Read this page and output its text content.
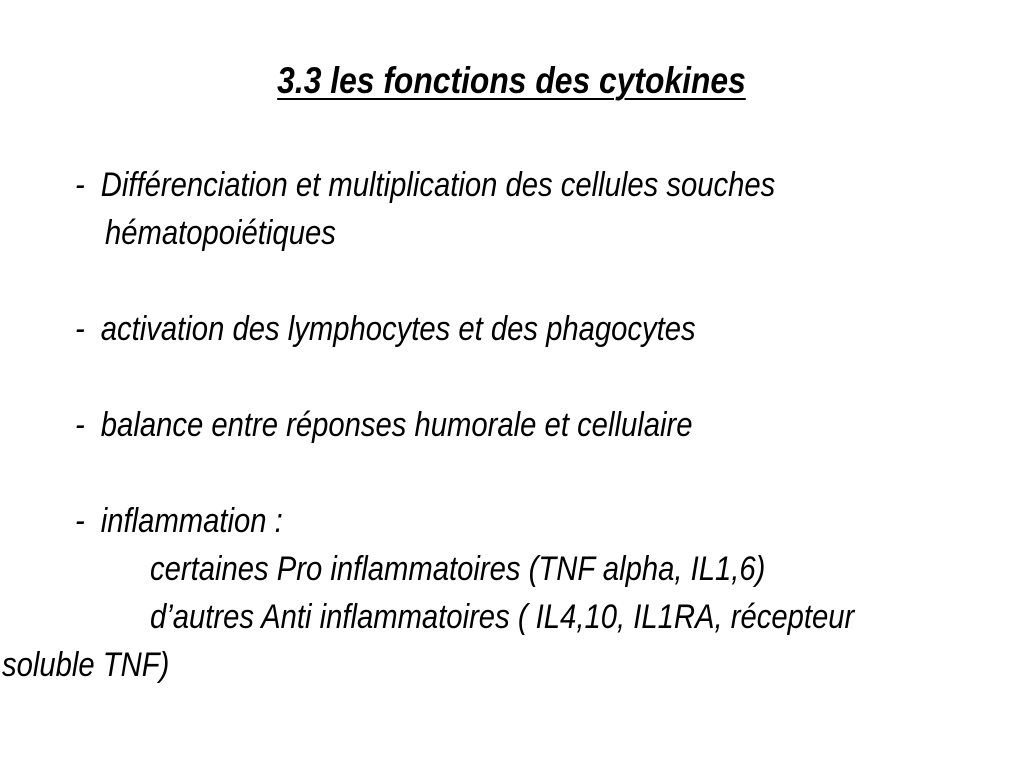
3.3 les fonctions des cytokines
- Différenciation et multiplication des cellules souches
hématopoiétiques
- activation des lymphocytes et des phagocytes
- balance entre réponses humorale et cellulaire
- inflammation :
certaines Pro inflammatoires (TNF alpha, IL1,6)
d’autres Anti inflammatoires ( IL4,10, IL1RA, récepteur
soluble TNF)
